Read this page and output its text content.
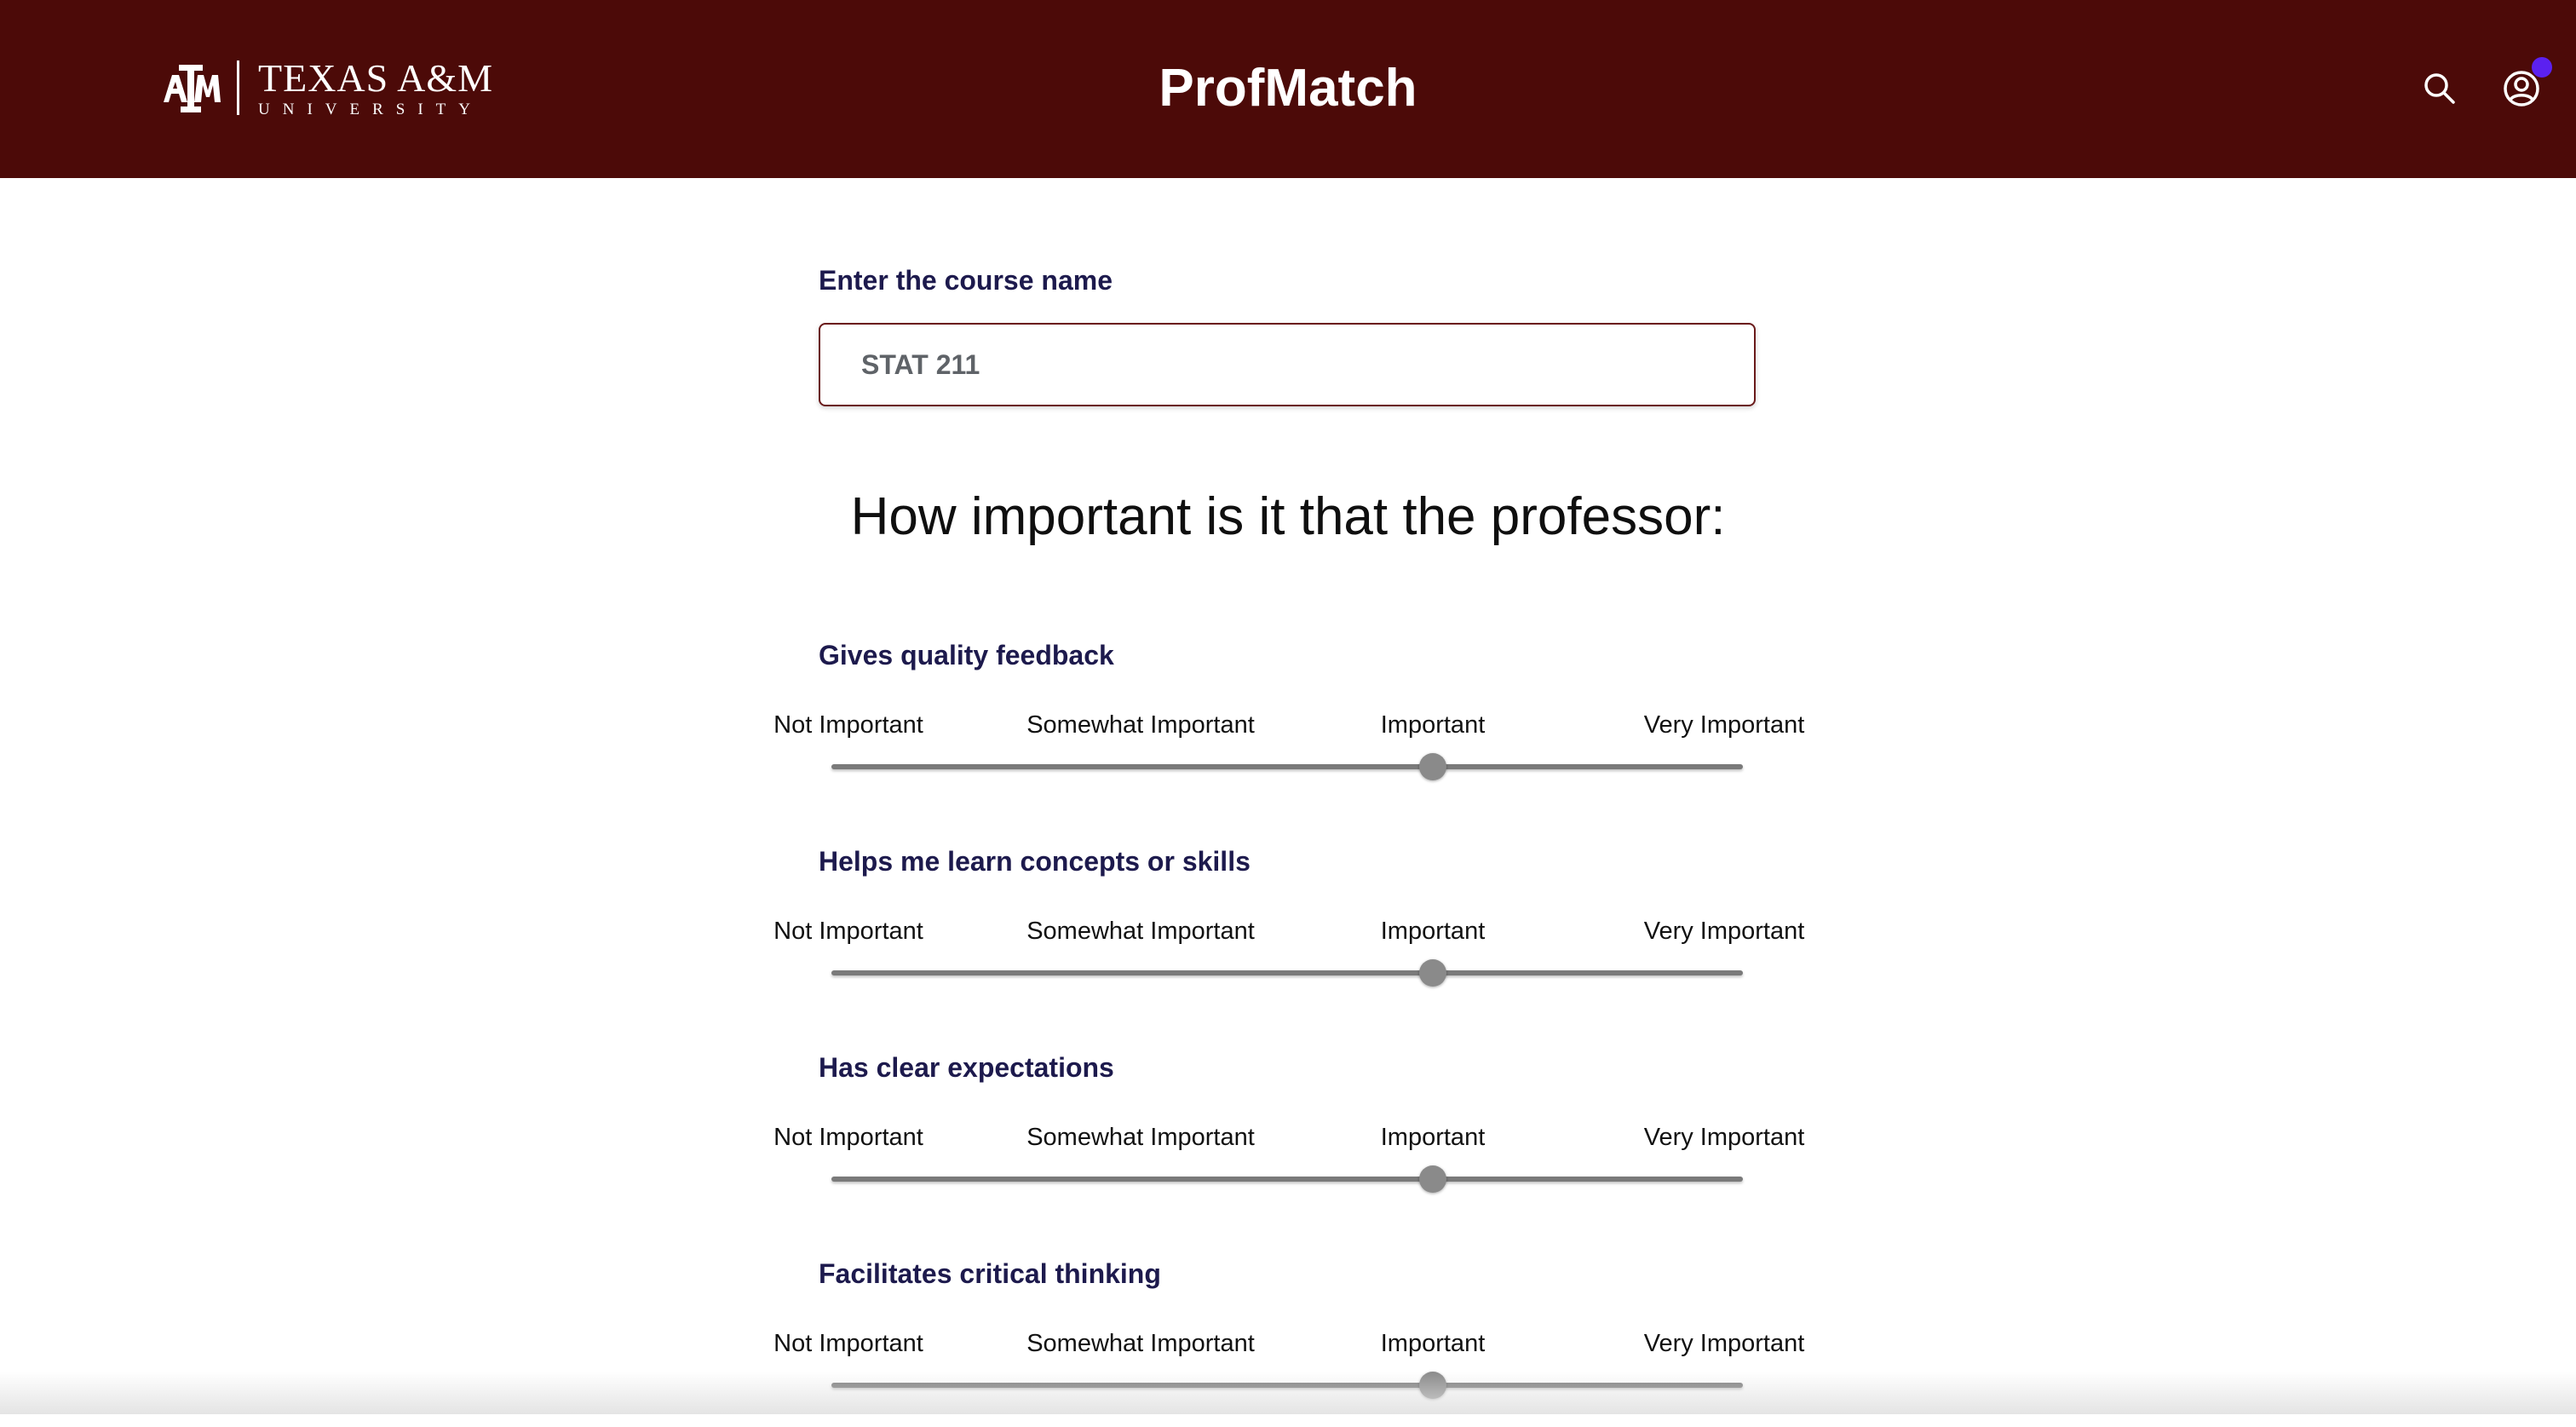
TEXAS A&M
UNIVERSITY	ProfMatch
Enter the course name
STAT 211
How important is it that the professor:
Gives quality feedback
Not Important	Somewhat Important	Important	Very Important
Helps me learn concepts or skills
Not Important	Somewhat Important	Important	Very Important
Has clear expectations
Not Important	Somewhat Important	Important	Very Important
Facilitates critical thinking
Not Important	Somewhat Important	Important	Very Important
